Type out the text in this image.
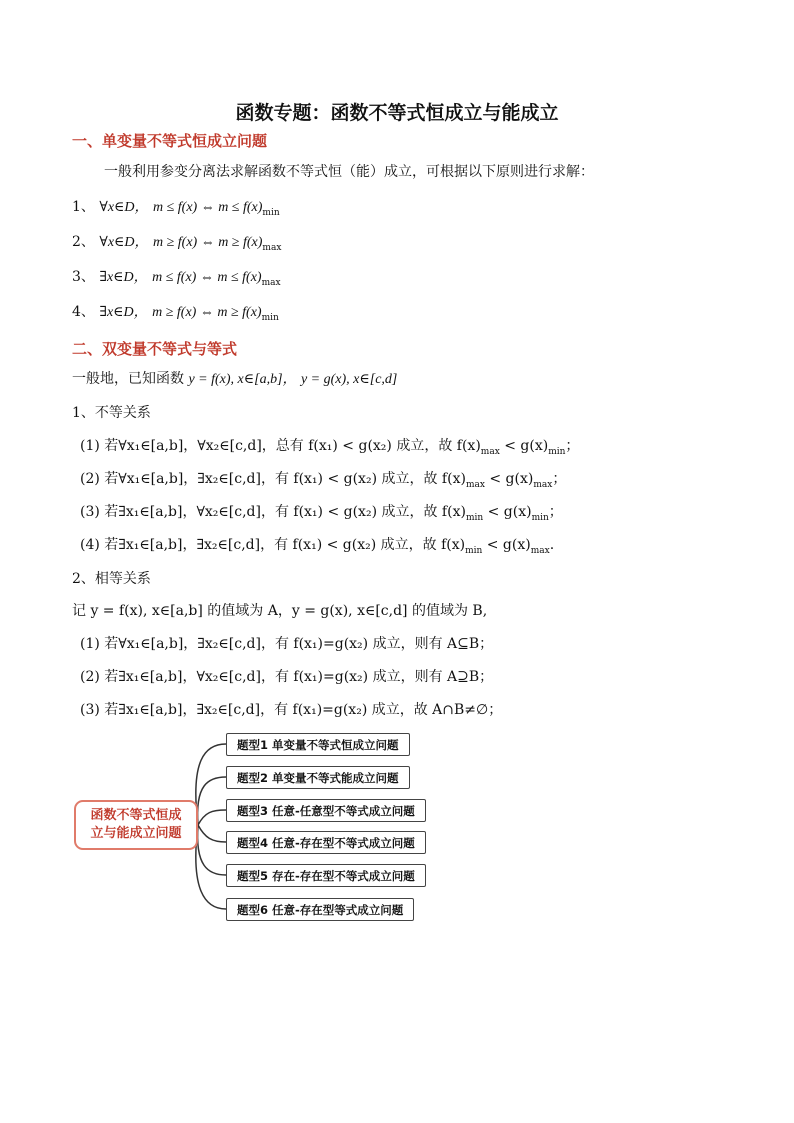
函数专题：函数不等式恒成立与能成立
一、单变量不等式恒成立问题
一般利用参变分离法求解函数不等式恒（能）成立，可根据以下原则进行求解：
1、 ∀x∈D， m ≤ f(x) ⇔ $m \le f(x)_{min}$
2、 ∀x∈D， m ≥ f(x) ⇔ $m \ge f(x)_{max}$
3、 ∃x∈D， m ≤ f(x) ⇔ $m \le f(x)_{max}$
4、 ∃x∈D， m ≥ f(x) ⇔ $m \ge f(x)_{min}$
二、双变量不等式与等式
一般地，已知函数 y = f(x), x∈[a,b]， y = g(x), x∈[c,d]
1、不等关系
(1) 若∀x₁∈[a,b]，∀x₂∈[c,d]，总有 f(x₁) < g(x₂) 成立，故 $f(x)_{max} < g(x)_{min}$；
(2) 若∀x₁∈[a,b]，∃x₂∈[c,d]，有 f(x₁) < g(x₂) 成立，故 $f(x)_{max} < g(x)_{max}$；
(3) 若∃x₁∈[a,b]，∀x₂∈[c,d]，有 f(x₁) < g(x₂) 成立，故 $f(x)_{min} < g(x)_{min}$；
(4) 若∃x₁∈[a,b]，∃x₂∈[c,d]，有 f(x₁) < g(x₂) 成立，故 $f(x)_{min} < g(x)_{max}$.
2、相等关系
记 y = f(x), x∈[a,b] 的值域为 A，y = g(x), x∈[c,d] 的值域为 B,
(1) 若∀x₁∈[a,b]，∃x₂∈[c,d]，有 f(x₁)=g(x₂) 成立，则有 A⊆B；
(2) 若∃x₁∈[a,b]，∀x₂∈[c,d]，有 f(x₁)=g(x₂) 成立，则有 A⊇B；
(3) 若∃x₁∈[a,b]，∃x₂∈[c,d]，有 f(x₁)=g(x₂) 成立，故 A∩B≠∅；
函数不等式恒成
立与能成立问题
题型1 单变量不等式恒成立问题
题型2 单变量不等式能成立问题
题型3 任意-任意型不等式成立问题
题型4 任意-存在型不等式成立问题
题型5 存在-存在型不等式成立问题
题型6 任意-存在型等式成立问题
